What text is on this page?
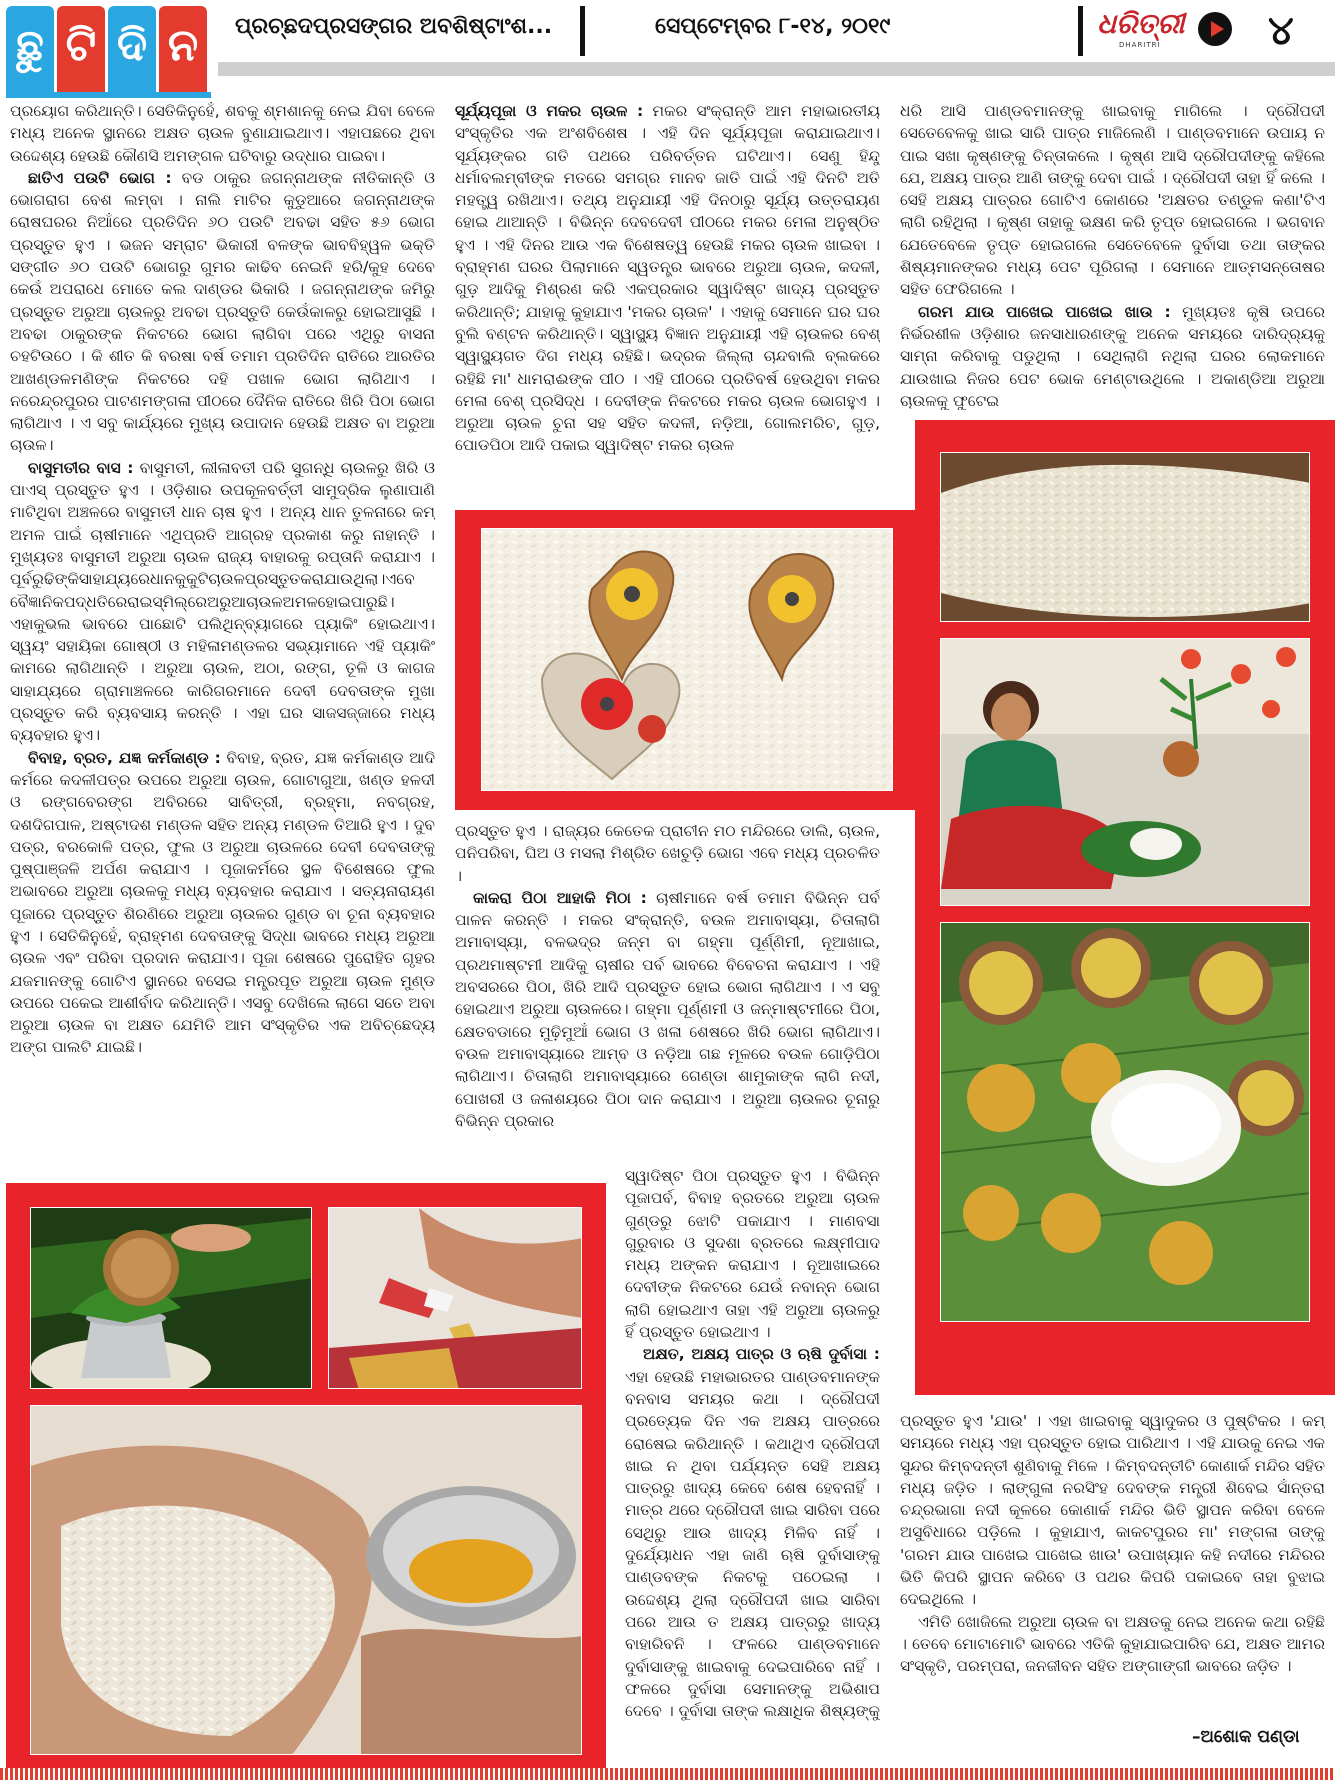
ଛୁ ଟି ଦି ନ	ପ୍ରଚ୍ଛଦପ୍ରସଙ୍ଗର ଅବଶିଷ୍ଟାଂଶ...	ସେପ୍ଟେମ୍ବର ୮-୧୪, ୨୦୧୯	ଧରିତ୍ରୀ
DHARITRI	୪

ପ୍ରୟୋଗ କରିଥାନ୍ତି। ସେତିକିନୁହେଁ, ଶବକୁ ଶ୍ମଶାନକୁ ନେଇ ଯିବା ବେଳେ ମଧ୍ୟ ଅନେକ ସ୍ଥାନରେ ଅକ୍ଷତ ଚାଉଳ ବୁଣାଯାଇଥାଏ। ଏହାପଛରେ ଥିବା ଉଦ୍ଦେଶ୍ୟ ହେଉଛି କୌଣସି ଅମଙ୍ଗଳ ଘଟିବାରୁ ଉଦ୍ଧାର ପାଇବା।

ଛାତିଏ ପଉଟି ଭୋଗ : ବଡ ଠାକୁର ଜଗନ୍ନାଥଙ୍କ ନୀତିକାନ୍ତି ଓ ଭୋଗରାଗ ବେଶ ଲମ୍ବା । ନାଲି ମାଟିର କୁଡୁଆରେ ଜଗନ୍ନାଥଙ୍କ ରୋଷଘରର ନିଆଁରେ ପ୍ରତିଦିନ ୬୦ ପଉଟି ଅବଢା ସହିତ ୫୬ ଭୋଗ ପ୍ରସ୍ତୁତ ହୁଏ । ଭଜନ ସମ୍ରାଟ ଭିକାରୀ ବଳଙ୍କ ଭାବବିହ୍ୱଳ ଭକ୍ତି ସଙ୍ଗୀତ ୬୦ ପଉଟି ଭୋଗରୁ ଗୁମର କାଢିବ ନେଇନି ହରି/କୁହ ଦେବେ କେଉଁ ଅପରାଧେ ମୋତେ କଲ ଦାଣ୍ଡର ଭିକାରି । ଜଗନ୍ନାଥଙ୍କ ଜମିରୁ ପ୍ରସ୍ତୁତ ଅରୁଆ ଚାଉଳରୁ ଅବଢା ପ୍ରସ୍ତୁତି କେଉଁକାଳରୁ ହୋଇଆସୁଛି । ଅବଢା ଠାକୁରଙ୍କ ନିକଟରେ ଭୋଗ ଲାଗିବା ପରେ ଏଥିରୁ ବାସନା ଚହଟିଉଠେ । କି ଶୀତ କି ବରଷା ବର୍ଷ ତମାମ ପ୍ରତିଦିନ ରାତିରେ ଆରତିର ଆଖଣ୍ଡଳମଣିଙ୍କ ନିକଟରେ ଦହି ପଖାଳ ଭୋଗ ଲାଗିଥାଏ । ନରେନ୍ଦ୍ରପୁରର ପାଟଣମଙ୍ଗଳା ପୀଠରେ ଦୈନିକ ରାତିରେ ଖିରି ପିଠା ଭୋଗ ଲାଗିଥାଏ । ଏ ସବୁ କାର୍ଯ୍ୟରେ ମୁଖ୍ୟ ଉପାଦାନ ହେଉଛି ଅକ୍ଷତ ବା ଅରୁଆ ଚାଉଳ।

ବାସୁମତୀର ବାସ : ବାସୁମତୀ, ଲୀଳାବତୀ ପରି ସୁଗନ୍ଧି ଚାଉଳରୁ ଖିରି ଓ ପାଏସ୍ ପ୍ରସ୍ତୁତ ହୁଏ । ଓଡ଼ିଶାର ଉପକୂଳବର୍ତ୍ତୀ ସାମୁଦ୍ରିକ ଲୁଣାପାଣି ମାଟିଥିବା ଅଞ୍ଚଳରେ ବାସୁମତୀ ଧାନ ଚାଷ ହୁଏ । ଅନ୍ୟ ଧାନ ତୁଳନାରେ କମ୍ ଅମଳ ପାଇଁ ଚାଷୀମାନେ ଏଥିପ୍ରତି ଆଗ୍ରହ ପ୍ରକାଶ କରୁ ନାହାନ୍ତି । ମୁଖ୍ୟତଃ ବାସୁମତୀ ଅରୁଆ ଚାଉଳ ରାଜ୍ୟ ବାହାରକୁ ରପ୍ତାନି କରାଯାଏ । ପୂର୍ବରୁଢିଙ୍କିସାହାଯ୍ୟରେଧାନକୁକୁଟିଚାଉଳପ୍ରସ୍ତୁତକରାଯାଉଥିଲା।ଏବେ ବୈଜ୍ଞାନିକପଦ୍ଧତିରେରାଇସ୍ମିଲ୍‌ରେଅରୁଆଚାଉଳଅମଳହୋଇପାରୁଛି। ଏହାକୁଭଲ ଭାବରେ ପାଛୋଟି ପଲିଥିନ୍‌ବ୍ୟାଗରେ ପ୍ୟାକିଂ ହୋଇଥାଏ। ସ୍ୱୟଂ ସହାୟିକା ଗୋଷ୍ଠୀ ଓ ମହିଳାମଣ୍ଡଳର ସଭ୍ୟାମାନେ ଏହି ପ୍ୟାକିଂ କାମରେ ଲାଗିଥାନ୍ତି । ଅରୁଆ ଚାଉଳ, ଅଠା, ରଙ୍ଗ, ତୂଳି ଓ କାଗଜ ସାହାଯ୍ୟରେ ଗ୍ରାମାଞ୍ଚଳରେ କାରିଗରମାନେ ଦେବୀ ଦେବତାଙ୍କ ମୁଖା ପ୍ରସ୍ତୁତ କରି ବ୍ୟବସାୟ କରନ୍ତି । ଏହା ଘର ସାଜସଜ୍ଜାରେ ମଧ୍ୟ ବ୍ୟବହାର ହୁଏ।

ବିବାହ, ବ୍ରତ, ଯଜ୍ଞ କର୍ମକାଣ୍ଡ : ବିବାହ, ବ୍ରତ, ଯଜ୍ଞ କର୍ମକାଣ୍ଡ ଆଦି କର୍ମରେ କଦଳୀପତ୍ର ଉପରେ ଅରୁଆ ଚାଉଳ, ଗୋଟାଗୁଆ, ଖଣ୍ଡ ହଳଦୀ ଓ ରଙ୍ଗବେରଙ୍ଗ ଅବିରରେ ସାବିତ୍ରୀ, ବ୍ରହ୍ମା, ନବଗ୍ରହ, ଦଶଦିଗପାଳ, ଅଷ୍ଟାଦଶ ମଣ୍ଡଳ ସହିତ ଅନ୍ୟ ମଣ୍ଡଳ ତିଆରି ହୁଏ । ଦୁବ ପତ୍ର, ବରକୋଳି ପତ୍ର, ଫୁଲ ଓ ଅରୁଆ ଚାଉଳରେ ଦେବୀ ଦେବତାଙ୍କୁ ପୁଷ୍ପାଞ୍ଜଳି ଅର୍ପଣ କରାଯାଏ । ପୂଜାକର୍ମରେ ସ୍ଥଳ ବିଶେଷରେ ଫୁଲ ଅଭାବରେ ଅରୁଆ ଚାଉଳକୁ ମଧ୍ୟ ବ୍ୟବହାର କରାଯାଏ । ସତ୍ୟନାରାୟଣ ପୂଜାରେ ପ୍ରସ୍ତୁତ ଶିରଣିରେ ଅରୁଆ ଚାଉଳର ଗୁଣ୍ଡ ବା ଚୂନା ବ୍ୟବହାର ହୁଏ । ସେତିକିନୁହେଁ, ବ୍ରାହ୍ମଣ ଦେବତାଙ୍କୁ ସିଦ୍ଧା ଭାବରେ ମଧ୍ୟ ଅରୁଆ ଚାଉଳ ଏବଂ ପରିବା ପ୍ରଦାନ କରାଯାଏ। ପୂଜା ଶେଷରେ ପୁରୋହିତ ଗୃହର ଯଜମାନଙ୍କୁ ଗୋଟିଏ ସ୍ଥାନରେ ବସେଇ ମନ୍ତ୍ରପୂତ ଅରୁଆ ଚାଉଳ ମୁଣ୍ଡ ଉପରେ ପକେଇ ଆଶୀର୍ବାଦ କରିଥାନ୍ତି। ଏସବୁ ଦେଖିଲେ ଲାଗେ ସତେ ଅବା ଅରୁଆ ଚାଉଳ ବା ଅକ୍ଷତ ଯେମିତି ଆମ ସଂସ୍କୃତିର ଏକ ଅବିଚ୍ଛେଦ୍ୟ ଅଙ୍ଗ ପାଲଟି ଯାଇଛି।

ସୂର୍ଯ୍ୟପୂଜା ଓ ମକର ଚାଉଳ : ମକର ସଂକ୍ରାନ୍ତି ଆମ ମହାଭାରତୀୟ ସଂସ୍କୃତିର ଏକ ଅଂଶବିଶେଷ । ଏହି ଦିନ ସୂର୍ଯ୍ୟପୂଜା କରାଯାଇଥାଏ। ସୂର୍ଯ୍ୟଙ୍କର ଗତି ପଥରେ ପରିବର୍ତ୍ତନ ଘଟିଥାଏ। ସେଣୁ ହିନ୍ଦୁ ଧର୍ମାବଲମ୍ବୀଙ୍କ ମତରେ ସମଗ୍ର ମାନବ ଜାତି ପାଇଁ ଏହି ଦିନଟି ଅତି ମହତ୍ତ୍ୱ ରଖିଥାଏ। ତଥ୍ୟ ଅନୁଯାୟୀ ଏହି ଦିନଠାରୁ ସୂର୍ଯ୍ୟ ଉତ୍ତରାୟଣ ହୋଇ ଥାଆନ୍ତି । ବିଭିନ୍ନ ଦେବଦେବୀ ପୀଠରେ ମକର ମେଳା ଅନୁଷ୍ଠିତ ହୁଏ । ଏହି ଦିନର ଆଉ ଏକ ବିଶେଷତ୍ୱ ହେଉଛି ମକର ଚାଉଳ ଖାଇବା । ବ୍ରାହ୍ମଣ ଘରର ପିଲାମାନେ ସ୍ୱତନ୍ତ୍ର ଭାବରେ ଅରୁଆ ଚାଉଳ, କଦଳୀ, ଗୁଡ଼ ଆଦିକୁ ମିଶ୍ରଣ କରି ଏକପ୍ରକାର ସ୍ୱାଦିଷ୍ଟ ଖାଦ୍ୟ ପ୍ରସ୍ତୁତ କରିଥାନ୍ତି; ଯାହାକୁ କୁହାଯାଏ 'ମକର ଚାଉଳ' । ଏହାକୁ ସେମାନେ ଘର ଘର ବୁଲି ବଣ୍ଟନ କରିଥାନ୍ତି। ସ୍ୱାସ୍ଥ୍ୟ ବିଜ୍ଞାନ ଅନୁଯାୟୀ ଏହି ଚାଉଳର ବେଶ୍ ସ୍ୱାସ୍ଥ୍ୟଗତ ଦିଗ ମଧ୍ୟ ରହିଛି। ଭଦ୍ରକ ଜିଲ୍ଲା ଚାନ୍ଦବାଲି ବ୍ଲକରେ ରହିଛି ମା' ଧାମରାଈଙ୍କ ପୀଠ । ଏହି ପୀଠରେ ପ୍ରତିବର୍ଷ ହେଉଥିବା ମକର ମେଳା ବେଶ୍ ପ୍ରସିଦ୍ଧ । ଦେବୀଙ୍କ ନିକଟରେ ମକର ଚାଉଳ ଭୋଗହୁଏ । ଅରୁଆ ଚାଉଳ ଚୁନା ସହ ସହିତ କଦଳୀ, ନଡ଼ିଆ, ଗୋଲମରିଚ, ଗୁଡ଼, ପୋଡପିଠା ଆଦି ପକାଇ ସ୍ୱାଦିଷ୍ଟ ମକର ଚାଉଳ

ଧରି ଆସି ପାଣ୍ଡବମାନଙ୍କୁ ଖାଇବାକୁ ମାଗିଲେ । ଦ୍ରୌପଦୀ ସେତେବେଳକୁ ଖାଇ ସାରି ପାତ୍ର ମାଜିଲେଣି । ପାଣ୍ଡବମାନେ ଉପାୟ ନ ପାଇ ସଖା କୃଷ୍ଣଙ୍କୁ ଚିନ୍ତାକଲେ । କୃଷ୍ଣ ଆସି ଦ୍ରୌପଦୀଙ୍କୁ କହିଲେ ଯେ, ଅକ୍ଷୟ ପାତ୍ର ଆଣି ତାଙ୍କୁ ଦେବା ପାଇଁ । ଦ୍ରୌପଦୀ ତାହା ହିଁ କଲେ । ସେହି ଅକ୍ଷୟ ପାତ୍ରର ଗୋଟିଏ କୋଣରେ 'ଅକ୍ଷତର ତଣ୍ଡୁଳ କଣା'ଟିଏ ଲାଗି ରହିଥିଲା । କୃଷ୍ଣ ତାହାକୁ ଭକ୍ଷଣ କରି ତୃପ୍ତ ହୋଇଗଲେ । ଭଗବାନ ଯେତେବେଳେ ତୃପ୍ତ ହୋଇଗଲେ ସେତେବେଳେ ଦୁର୍ବାସା ତଥା ତାଙ୍କର ଶିଷ୍ୟମାନଙ୍କର ମଧ୍ୟ ପେଟ ପୂରିଗଲା । ସେମାନେ ଆତ୍ମସନ୍ତୋଷର ସହିତ ଫେରିଗଲେ ।

ଗରମ ଯାଉ ପାଖେଇ ପାଖେଇ ଖାଉ : ମୁଖ୍ୟତଃ କୃଷି ଉପରେ ନିର୍ଭରଶୀଳ ଓଡ଼ିଶାର ଜନସାଧାରଣଙ୍କୁ ଅନେକ ସମୟରେ ଦାରିଦ୍ର୍ୟକୁ ସାମ୍ନା କରିବାକୁ ପଡୁଥିଲା । ସେଥିଲାଗି ନଥିଲା ଘରର ଲୋକମାନେ ଯାଉଖାଇ ନିଜର ପେଟ ଭୋକ ମେଣ୍ଟାଉଥିଲେ । ଅକାଣ୍ଡିଆ ଅରୁଆ ଚାଉଳକୁ ଫୁଟେଇ

ପ୍ରସ୍ତୁତ ହୁଏ । ରାଜ୍ୟର କେତେକ ପ୍ରାଚୀନ ମଠ ମନ୍ଦିରରେ ଡାଲି, ଚାଉଳ, ପନିପରିବା, ଘିଅ ଓ ମସଲା ମିଶ୍ରିତ ଖେଚୁଡ଼ି ଭୋଗ ଏବେ ମଧ୍ୟ ପ୍ରଚଳିତ ।

କାକରା ପିଠା ଆହାକି ମିଠା : ଚାଷୀମାନେ ବର୍ଷ ତମାମ ବିଭିନ୍ନ ପର୍ବ ପାଳନ କରନ୍ତି । ମକର ସଂକ୍ରାନ୍ତି, ବଉଳ ଅମାବାସ୍ୟା, ଚିତାଲାଗି ଅମାବାସ୍ୟା, ବଳଭଦ୍ର ଜନ୍ମ ବା ଗହ୍ମା ପୂର୍ଣ୍ଣିମୀ, ନୂଆଖାଇ, ପ୍ରଥମାଷ୍ଟମୀ ଆଦିକୁ ଚାଷୀର ପର୍ବ ଭାବରେ ବିବେଚନା କରାଯାଏ । ଏହି ଅବସରରେ ପିଠା, ଖିରି ଆଦି ପ୍ରସ୍ତୁତ ହୋଇ ଭୋଗ ଲାଗିଥାଏ । ଏ ସବୁ ହୋଇଥାଏ ଅରୁଆ ଚାଉଳରେ। ଗହ୍ମା ପୂର୍ଣ୍ଣମୀ ଓ ଜନ୍ମାଷ୍ଟମୀରେ ପିଠା, କ୍ଷେତବଡାରେ ମୁଢ଼ିମୁଆଁ ଭୋଗ ଓ ଖଳା ଶେଷରେ ଖିରି ଭୋଗ ଲାଗିଥାଏ। ବଉଳ ଅମାବାସ୍ୟାରେ ଆମ୍ବ ଓ ନଡ଼ିଆ ଗଛ ମୂଳରେ ବଉଳ ଗୋଡ଼ିପିଠା ଲାଗିଥାଏ। ଚିତାଲାଗି ଅମାବାସ୍ୟାରେ ଗେଣ୍ଡା ଶାମୁକାଙ୍କ ଲାଗି ନଦୀ, ପୋଖରୀ ଓ ଜଳାଶୟରେ ପିଠା ଦାନ କରାଯାଏ । ଅରୁଆ ଚାଉଳର ଚୂନାରୁ ବିଭିନ୍ନ ପ୍ରକାର

ସ୍ୱାଦିଷ୍ଟ ପିଠା ପ୍ରସ୍ତୁତ ହୁଏ । ବିଭିନ୍ନ ପୂଜାପର୍ବ, ବିବାହ ବ୍ରତରେ ଅରୁଆ ଚାଉଳ ଗୁଣ୍ଡରୁ ଝୋଟି ପକାଯାଏ । ମାଣବସା ଗୁରୁବାର ଓ ସୁଦଶା ବ୍ରତରେ ଲକ୍ଷ୍ମୀପାଦ ମଧ୍ୟ ଅଙ୍କନ କରାଯାଏ । ନୂଆଖାଇରେ ଦେବୀଙ୍କ ନିକଟରେ ଯେଉଁ ନବାନ୍ନ ଭୋଗ ଲାଗି ହୋଇଥାଏ ତାହା ଏହି ଅରୁଆ ଚାଉଳରୁ ହିଁ ପ୍ରସ୍ତୁତ ହୋଇଥାଏ ।

ଅକ୍ଷତ, ଅକ୍ଷୟ ପାତ୍ର ଓ ଋଷି ଦୁର୍ବାସା : ଏହା ହେଉଛି ମହାଭାରତର ପାଣ୍ଡବମାନଙ୍କ ବନବାସ ସମୟର କଥା । ଦ୍ରୌପଦୀ ପ୍ରତ୍ୟେକ ଦିନ ଏକ ଅକ୍ଷୟ ପାତ୍ରରେ ରୋଷେଇ କରିଥାନ୍ତି । କଥାଥିଏ ଦ୍ରୌପଦୀ ଖାଇ ନ ଥିବା ପର୍ଯ୍ୟନ୍ତ ସେହି ଅକ୍ଷୟ ପାତ୍ରରୁ ଖାଦ୍ୟ କେବେ ଶେଷ ହେବନାହିଁ । ମାତ୍ର ଥରେ ଦ୍ରୌପଦୀ ଖାଇ ସାରିବା ପରେ ସେଥିରୁ ଆଉ ଖାଦ୍ୟ ମିଳିବ ନାହିଁ । ଦୁର୍ଯ୍ୟୋଧନ ଏହା ଜାଣି ଋଷି ଦୁର୍ବାସାଙ୍କୁ ପାଣ୍ଡବଙ୍କ ନିକଟକୁ ପଠେଇଲା । ଉଦ୍ଦେଶ୍ୟ ଥିଲା ଦ୍ରୌପଦୀ ଖାଇ ସାରିବା ପରେ ଆଉ ତ ଅକ୍ଷୟ ପାତ୍ରରୁ ଖାଦ୍ୟ ବାହାରିବନି । ଫଳରେ ପାଣ୍ଡବମାନେ ଦୁର୍ବାସାଙ୍କୁ ଖାଇବାକୁ ଦେଇପାରିବେ ନାହିଁ । ଫଳରେ ଦୁର୍ବାସା ସେମାନଙ୍କୁ ଅଭିଶାପ ଦେବେ । ଦୁର୍ବାସା ତାଙ୍କ ଲକ୍ଷାଧିକ ଶିଷ୍ୟଙ୍କୁ

ପ୍ରସ୍ତୁତ ହୁଏ 'ଯାଉ' । ଏହା ଖାଇବାକୁ ସ୍ୱାଦୁକର ଓ ପୁଷ୍ଟିକର । କମ୍ ସମୟରେ ମଧ୍ୟ ଏହା ପ୍ରସ୍ତୁତ ହୋଇ ପାରିଥାଏ । ଏହି ଯାଉକୁ ନେଇ ଏକ ସୁନ୍ଦର କିମ୍ବଦନ୍ତୀ ଶୁଣିବାକୁ ମିଳେ । କିମ୍ବଦନ୍ତୀଟି କୋଣାର୍କ ମନ୍ଦିର ସହିତ ମଧ୍ୟ ଜଡ଼ିତ । ଲାଙ୍ଗୁଳା ନରସିଂହ ଦେବଙ୍କ ମନ୍ତ୍ରୀ ଶିବେଇ ସାଁନ୍ତରା ଚନ୍ଦ୍ରଭାଗା ନଦୀ କୂଳରେ କୋଣାର୍କ ମନ୍ଦିର ଭିତି ସ୍ଥାପନ କରିବା ବେଳେ ଅସୁବିଧାରେ ପଡ଼ିଲେ । କୁହାଯାଏ, କାକଟପୁରର ମା' ମଙ୍ଗଳା ତାଙ୍କୁ 'ଗରମ ଯାଉ ପାଖେଇ ପାଖେଇ ଖାଉ' ଉପାଖ୍ୟାନ କହି ନଦୀରେ ମନ୍ଦିରର ଭିତି କିପରି ସ୍ଥାପନ କରିବେ ଓ ପଥର କିପରି ପକାଇବେ ତାହା ବୁଝାଇ ଦେଇଥିଲେ ।

ଏମିତି ଖୋଜିଲେ ଅରୁଆ ଚାଉଳ ବା ଅକ୍ଷତକୁ ନେଇ ଅନେକ କଥା ରହିଛି । ତେବେ ମୋଟାମୋଟି ଭାବରେ ଏତିକି କୁହାଯାଇପାରିବ ଯେ, ଅକ୍ଷତ ଆମର ସଂସ୍କୃତି, ପରମ୍ପରା, ଜନଜୀବନ ସହିତ ଅଙ୍ଗାଙ୍ଗୀ ଭାବରେ ଜଡ଼ିତ ।

–ଅଶୋକ ପଣ୍ଡା
